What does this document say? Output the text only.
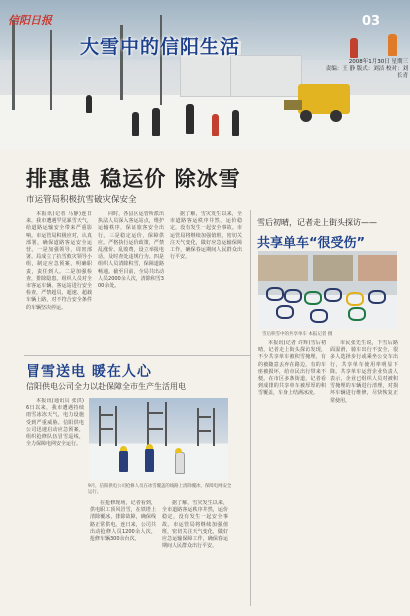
信阳日报	03
大雪中的信阳生活
2008年1月30日 星期三
责编：王 静 版式：刘洁 校对：刘长青
排惠患 稳运价 除冰雪
市运管局积极抗雪破灾保安全

本报讯(记者 马静)连日来，我市遭遇罕见暴雪天气，给道路运输安全带来严重影响。市运管局积极应对，认真部署，确保道路客运安全运营。一是加强领导，周密部署。局成立了抗雪救灾领导小组，制定应急预案，明确职责，责任到人。二是加强检查，排除隐患。组织人员对全市客运车辆、客运站进行安全检查，严禁超员、超速、超载车辆上路，对不符合安全条件的车辆坚决停运。

同时，各县区运管所派出执法人员深入客运站点，维护运输秩序，保证旅客安全出行。三是稳定运价，保障供应。严格执行运价政策，严禁乱涨价、乱收费，设立举报电话，及时查处违规行为。四是组织人员清除积雪，保障道路畅通。截至目前，全局共出动人员2000余人次，清除积雪300余处。

据了解，雪灾发生以来，全市道路客运秩序井然，运价稳定，没有发生一起安全事故。市运管局将继续加强值班，密切关注天气变化，做好应急运输保障工作，确保春运期间人民群众出行平安。

雪后初晴，记者走上街头探访——
共享单车“很受伤”
雪后积雪中的共享单车 本报记者 摄

本报讯(记者 许辉)雪后初晴，记者走上街头探访发现，不少共享单车被积雪掩埋，有的被随意丢弃在路边，有的车座被损坏，给市民出行带来不便。在市区多条街道，记者看到成排的共享单车被厚厚的积雪覆盖，车身上结满冰凌。

市民张先生说，下雪后路面湿滑，骑车出行不安全，很多人选择步行或乘坐公交车出行，共享单车使用率明显下降。共享单车运营企业负责人表示，企业已组织人员对被积雪掩埋的车辆进行清理，对损坏车辆进行维修，尽快恢复正常使用。

冒雪送电 暖在人心
信阳供电公司全力以赴保障全市生产生活用电

本报讯(通讯员 张洪)6日以来，我市遭遇持续雨雪冰冻天气，电力设施受到严重威胁。信阳供电公司迅速启动应急预案，组织抢修队伍冒雪巡线，全力保障电网安全运行。

9月，信阳供电公司抢修人员在冰雪覆盖的线路上清除覆冰，保障电网安全运行。

在抢修现场，记者看到，供电职工顶风冒雪，在铁塔上清除覆冰，排除故障，确保线路正常供电。连日来，公司共出动抢修人员1200余人次，抢修车辆300余台次。

据了解，雪灾发生以来，全市道路客运秩序井然，运价稳定，没有发生一起安全事故。市运管局将继续加强值班，密切关注天气变化，做好应急运输保障工作，确保春运期间人民群众出行平安。
